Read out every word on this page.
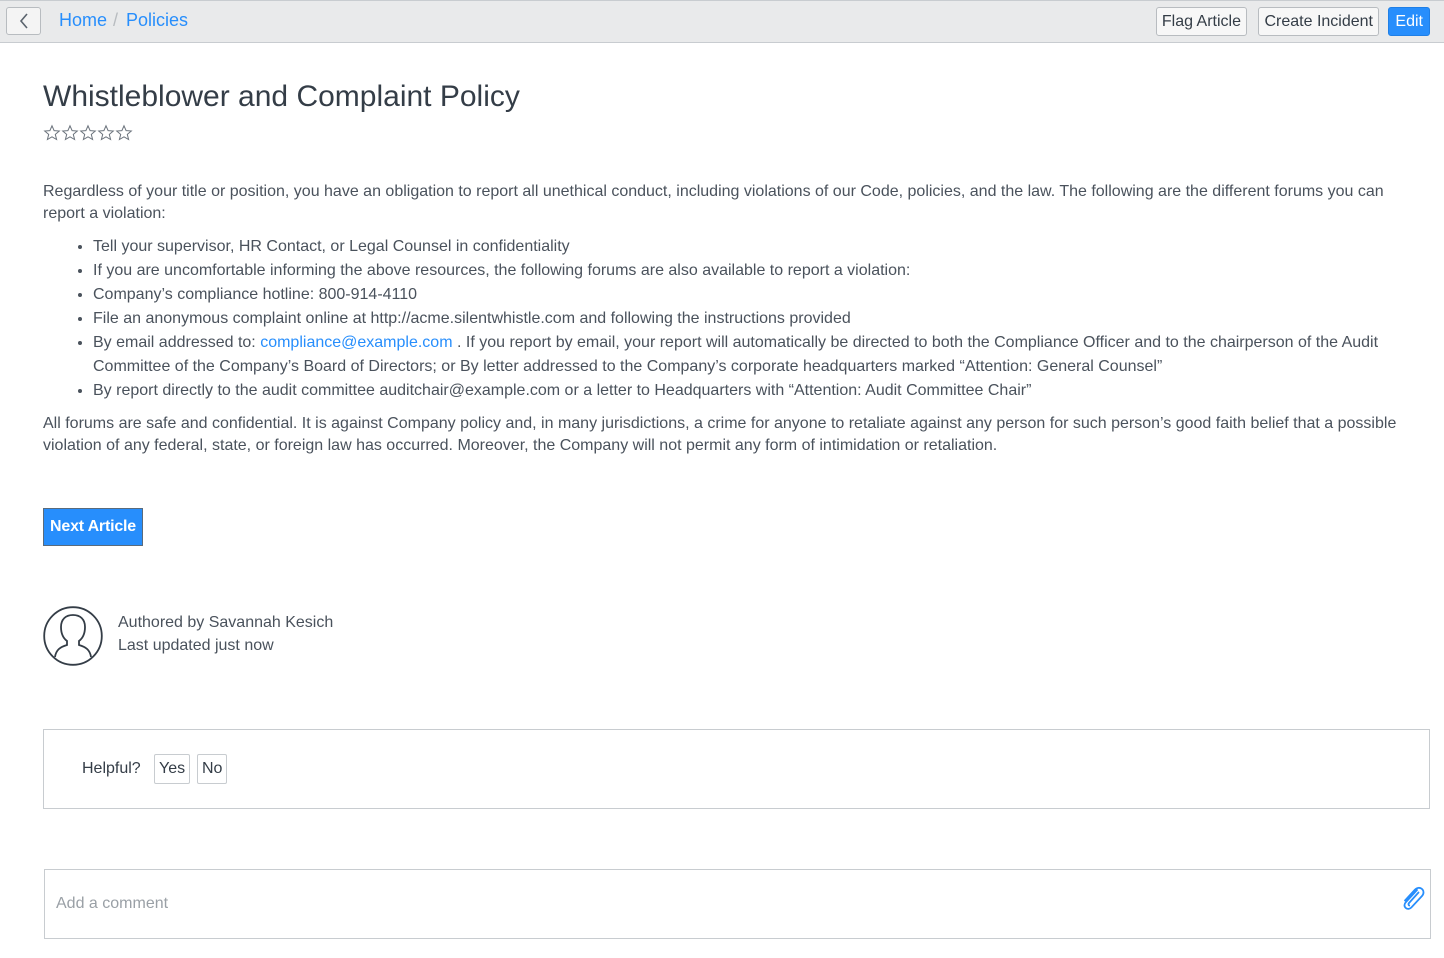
Home / Policies	Flag Article	Create Incident	Edit
Whistleblower and Complaint Policy

Regardless of your title or position, you have an obligation to report all unethical conduct, including violations of our Code, policies, and the law. The following are the different forums you can report a violation:

• Tell your supervisor, HR Contact, or Legal Counsel in confidentiality
• If you are uncomfortable informing the above resources, the following forums are also available to report a violation:
• Company’s compliance hotline: 800-914-4110
• File an anonymous complaint online at http://acme.silentwhistle.com and following the instructions provided
• By email addressed to: compliance@example.com . If you report by email, your report will automatically be directed to both the Compliance Officer and to the chairperson of the Audit Committee of the Company’s Board of Directors; or By letter addressed to the Company’s corporate headquarters marked “Attention: General Counsel”
• By report directly to the audit committee auditchair@example.com or a letter to Headquarters with “Attention: Audit Committee Chair”

All forums are safe and confidential. It is against Company policy and, in many jurisdictions, a crime for anyone to retaliate against any person for such person’s good faith belief that a possible violation of any federal, state, or foreign law has occurred. Moreover, the Company will not permit any form of intimidation or retaliation.

Next Article
Authored by Savannah Kesich
Last updated just now
Helpful?	Yes	No
Add a comment
